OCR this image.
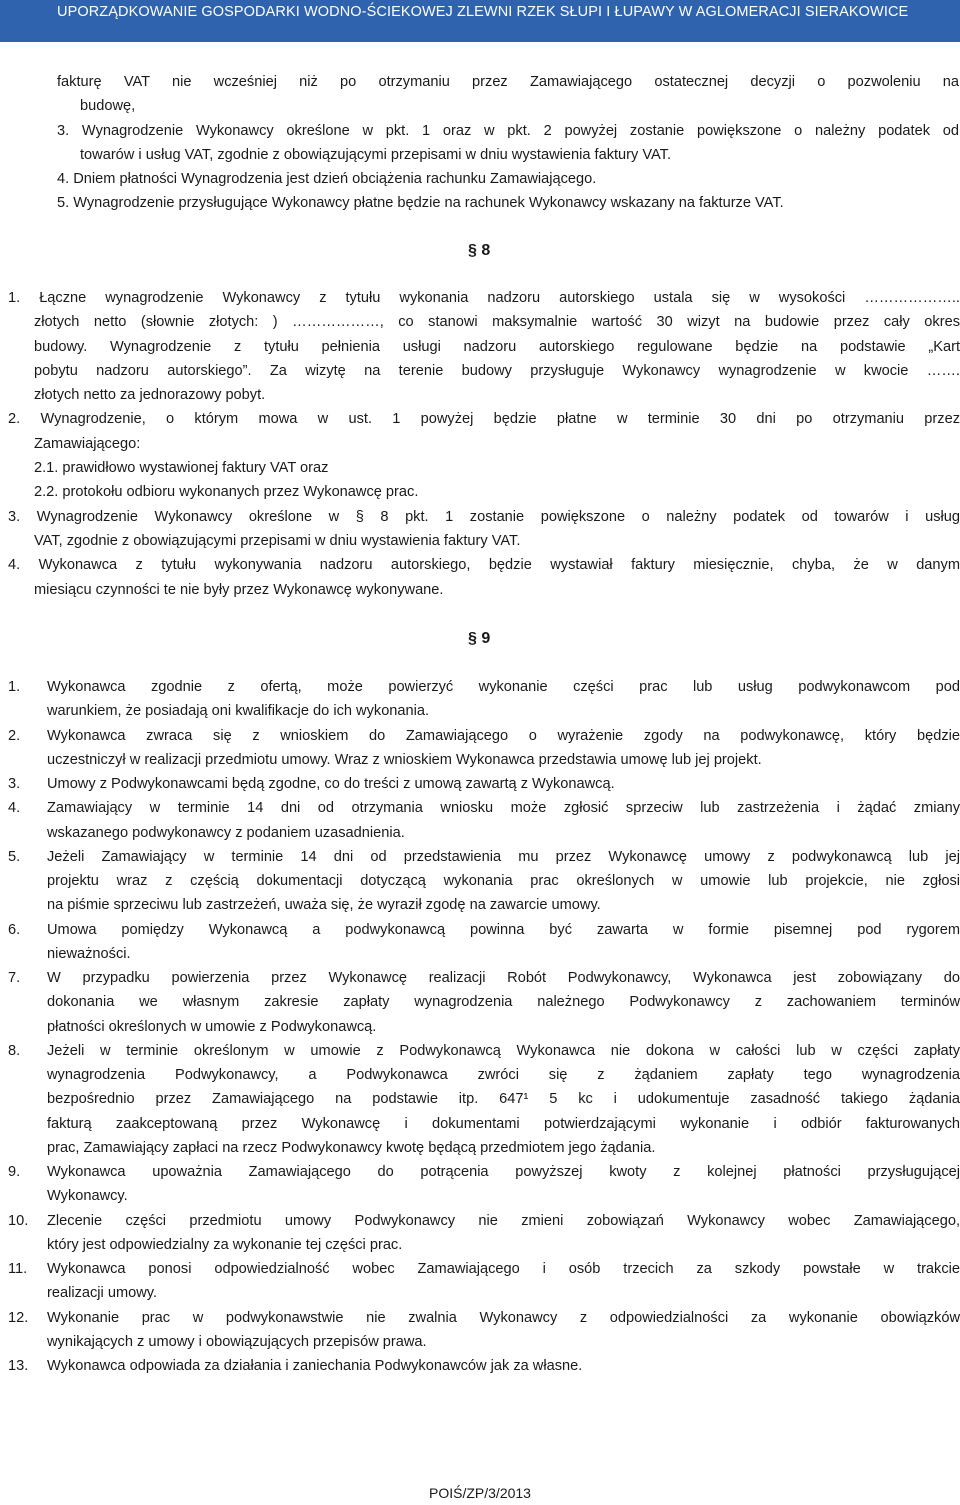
UPORZĄDKOWANIE GOSPODARKI WODNO-ŚCIEKOWEJ ZLEWNI RZEK SŁUPI I ŁUPAWY W AGLOMERACJI SIERAKOWICE
fakturę VAT nie wcześniej niż po otrzymaniu przez Zamawiającego ostatecznej decyzji o pozwoleniu na
budowę,
3. Wynagrodzenie Wykonawcy określone w pkt. 1 oraz w pkt. 2 powyżej zostanie powiększone o należny podatek od
towarów i usług VAT, zgodnie z obowiązującymi przepisami w dniu wystawienia faktury VAT.
4. Dniem płatności Wynagrodzenia jest dzień obciążenia rachunku Zamawiającego.
5. Wynagrodzenie przysługujące Wykonawcy płatne będzie na rachunek Wykonawcy wskazany na fakturze VAT.
§ 8
1. Łączne wynagrodzenie Wykonawcy z tytułu wykonania nadzoru autorskiego ustala się w wysokości ………………..
złotych netto (słownie złotych: ) ………………, co stanowi maksymalnie wartość 30 wizyt na budowie przez cały okres
budowy. Wynagrodzenie z tytułu pełnienia usługi nadzoru autorskiego regulowane będzie na podstawie „Kart
pobytu nadzoru autorskiego”. Za wizytę na terenie budowy przysługuje Wykonawcy wynagrodzenie w kwocie …….
złotych netto za jednorazowy pobyt.
2. Wynagrodzenie, o którym mowa w ust. 1 powyżej będzie płatne w terminie 30 dni po otrzymaniu przez
Zamawiającego:
2.1. prawidłowo wystawionej faktury VAT oraz
2.2. protokołu odbioru wykonanych przez Wykonawcę prac.
3. Wynagrodzenie Wykonawcy określone w § 8 pkt. 1 zostanie powiększone o należny podatek od towarów i usług
VAT, zgodnie z obowiązującymi przepisami w dniu wystawienia faktury VAT.
4. Wykonawca z tytułu wykonywania nadzoru autorskiego, będzie wystawiał faktury miesięcznie, chyba, że w danym
miesiącu czynności te nie były przez Wykonawcę wykonywane.
§ 9
1. Wykonawca zgodnie z ofertą, może powierzyć wykonanie części prac lub usług podwykonawcom pod
warunkiem, że posiadają oni kwalifikacje do ich wykonania.
2. Wykonawca zwraca się z wnioskiem do Zamawiającego o wyrażenie zgody na podwykonawcę, który będzie
uczestniczył w realizacji przedmiotu umowy. Wraz z wnioskiem Wykonawca przedstawia umowę lub jej projekt.
3. Umowy z Podwykonawcami będą zgodne, co do treści z umową zawartą z Wykonawcą.
4. Zamawiający w terminie 14 dni od otrzymania wniosku może zgłosić sprzeciw lub zastrzeżenia i żądać zmiany
wskazanego podwykonawcy z podaniem uzasadnienia.
5. Jeżeli Zamawiający w terminie 14 dni od przedstawienia mu przez Wykonawcę umowy z podwykonawcą lub jej
projektu wraz z częścią dokumentacji dotyczącą wykonania prac określonych w umowie lub projekcie, nie zgłosi
na piśmie sprzeciwu lub zastrzeżeń, uważa się, że wyraził zgodę na zawarcie umowy.
6. Umowa pomiędzy Wykonawcą a podwykonawcą powinna być zawarta w formie pisemnej pod rygorem
nieważności.
7. W przypadku powierzenia przez Wykonawcę realizacji Robót Podwykonawcy, Wykonawca jest zobowiązany do
dokonania we własnym zakresie zapłaty wynagrodzenia należnego Podwykonawcy z zachowaniem terminów
płatności określonych w umowie z Podwykonawcą.
8. Jeżeli w terminie określonym w umowie z Podwykonawcą Wykonawca nie dokona w całości lub w części zapłaty
wynagrodzenia Podwykonawcy, a Podwykonawca zwróci się z żądaniem zapłaty tego wynagrodzenia
bezpośrednio przez Zamawiającego na podstawie itp. 647¹ 5 kc i udokumentuje zasadność takiego żądania
fakturą zaakceptowaną przez Wykonawcę i dokumentami potwierdzającymi wykonanie i odbiór fakturowanych
prac, Zamawiający zapłaci na rzecz Podwykonawcy kwotę będącą przedmiotem jego żądania.
9. Wykonawca upoważnia Zamawiającego do potrącenia powyższej kwoty z kolejnej płatności przysługującej
Wykonawcy.
10. Zlecenie części przedmiotu umowy Podwykonawcy nie zmieni zobowiązań Wykonawcy wobec Zamawiającego,
który jest odpowiedzialny za wykonanie tej części prac.
11. Wykonawca ponosi odpowiedzialność wobec Zamawiającego i osób trzecich za szkody powstałe w trakcie
realizacji umowy.
12. Wykonanie prac w podwykonawstwie nie zwalnia Wykonawcy z odpowiedzialności za wykonanie obowiązków
wynikających z umowy i obowiązujących przepisów prawa.
13. Wykonawca odpowiada za działania i zaniechania Podwykonawców jak za własne.
POIŚ/ZP/3/2013
